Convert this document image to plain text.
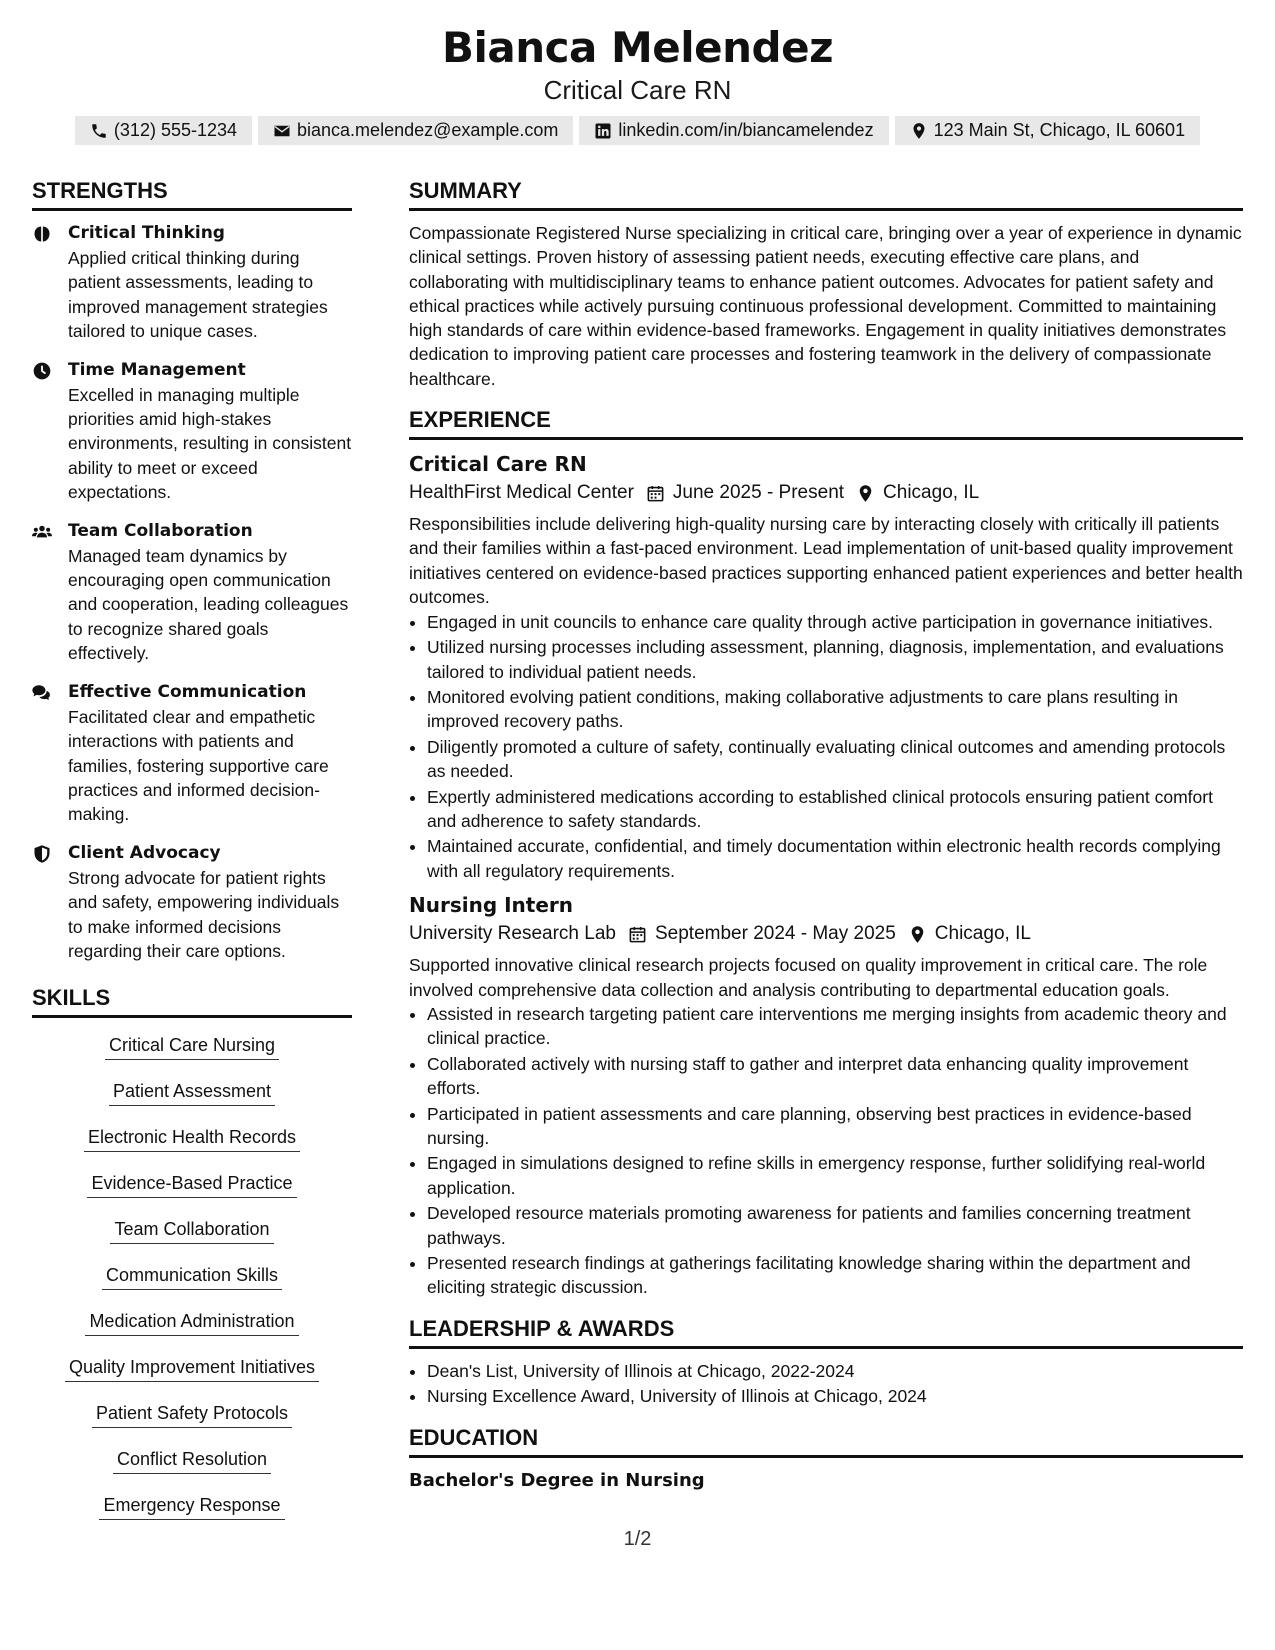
Bianca Melendez
Critical Care RN
(312) 555-1234	bianca.melendez@example.com	linkedin.com/in/biancamelendez	123 Main St, Chicago, IL 60601
STRENGTHS
Critical Thinking
Applied critical thinking during patient assessments, leading to improved management strategies tailored to unique cases.
Time Management
Excelled in managing multiple priorities amid high-stakes environments, resulting in consistent ability to meet or exceed expectations.
Team Collaboration
Managed team dynamics by encouraging open communication and cooperation, leading colleagues to recognize shared goals effectively.
Effective Communication
Facilitated clear and empathetic interactions with patients and families, fostering supportive care practices and informed decision-making.
Client Advocacy
Strong advocate for patient rights and safety, empowering individuals to make informed decisions regarding their care options.
SKILLS
Critical Care Nursing
Patient Assessment
Electronic Health Records
Evidence-Based Practice
Team Collaboration
Communication Skills
Medication Administration
Quality Improvement Initiatives
Patient Safety Protocols
Conflict Resolution
Emergency Response
SUMMARY

Compassionate Registered Nurse specializing in critical care, bringing over a year of experience in dynamic clinical settings. Proven history of assessing patient needs, executing effective care plans, and collaborating with multidisciplinary teams to enhance patient outcomes. Advocates for patient safety and ethical practices while actively pursuing continuous professional development. Committed to maintaining high standards of care within evidence-based frameworks. Engagement in quality initiatives demonstrates dedication to improving patient care processes and fostering teamwork in the delivery of compassionate healthcare.

EXPERIENCE
Critical Care RN
HealthFirst Medical Center June 2025 - Present Chicago, IL

Responsibilities include delivering high-quality nursing care by interacting closely with critically ill patients and their families within a fast-paced environment. Lead implementation of unit-based quality improvement initiatives centered on evidence-based practices supporting enhanced patient experiences and better health outcomes.

• Engaged in unit councils to enhance care quality through active participation in governance initiatives.
• Utilized nursing processes including assessment, planning, diagnosis, implementation, and evaluations tailored to individual patient needs.
• Monitored evolving patient conditions, making collaborative adjustments to care plans resulting in improved recovery paths.
• Diligently promoted a culture of safety, continually evaluating clinical outcomes and amending protocols as needed.
• Expertly administered medications according to established clinical protocols ensuring patient comfort and adherence to safety standards.
• Maintained accurate, confidential, and timely documentation within electronic health records complying with all regulatory requirements.
Nursing Intern
University Research Lab September 2024 - May 2025 Chicago, IL

Supported innovative clinical research projects focused on quality improvement in critical care. The role involved comprehensive data collection and analysis contributing to departmental education goals.

• Assisted in research targeting patient care interventions me merging insights from academic theory and clinical practice.
• Collaborated actively with nursing staff to gather and interpret data enhancing quality improvement efforts.
• Participated in patient assessments and care planning, observing best practices in evidence-based nursing.
• Engaged in simulations designed to refine skills in emergency response, further solidifying real-world application.
• Developed resource materials promoting awareness for patients and families concerning treatment pathways.
• Presented research findings at gatherings facilitating knowledge sharing within the department and eliciting strategic discussion.
LEADERSHIP & AWARDS
• Dean's List, University of Illinois at Chicago, 2022-2024
• Nursing Excellence Award, University of Illinois at Chicago, 2024
EDUCATION
Bachelor's Degree in Nursing
1/2
